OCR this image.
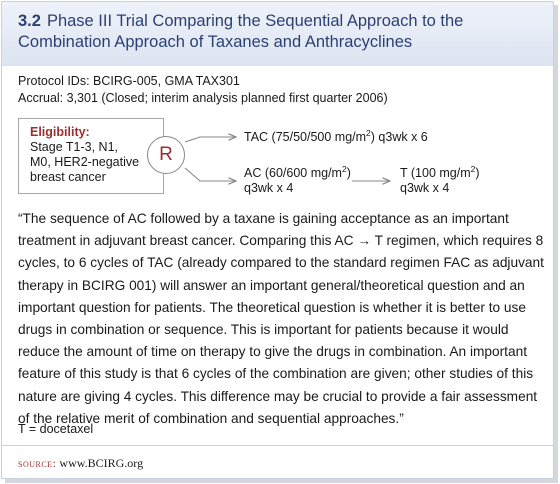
3.2 Phase III Trial Comparing the Sequential Approach to the Combination Approach of Taxanes and Anthracyclines
Protocol IDs: BCIRG-005, GMA TAX301
Accrual: 3,301 (Closed; interim analysis planned first quarter 2006)
Eligibility:
Stage T1-3, N1,
M0, HER2-negative
breast cancer
R
TAC (75/50/500 $mg/m^2$) q3wk x 6
AC (60/600 $mg/m^2$)
q3wk x 4
T (100 $mg/m^2$)
q3wk x 4
“The sequence of AC followed by a taxane is gaining acceptance as an important treatment in adjuvant breast cancer. Comparing this AC → T regimen, which requires 8 cycles, to 6 cycles of TAC (already compared to the standard regimen FAC as adjuvant therapy in BCIRG 001) will answer an important general/theoretical question and an important question for patients. The theoretical question is whether it is better to use drugs in combination or sequence. This is important for patients because it would reduce the amount of time on therapy to give the drugs in combination. An important feature of this study is that 6 cycles of the combination are given; other studies of this nature are giving 4 cycles. This difference may be crucial to provide a fair assessment of the relative merit of combination and sequential approaches.”
T = docetaxel
source: www.BCIRG.org
